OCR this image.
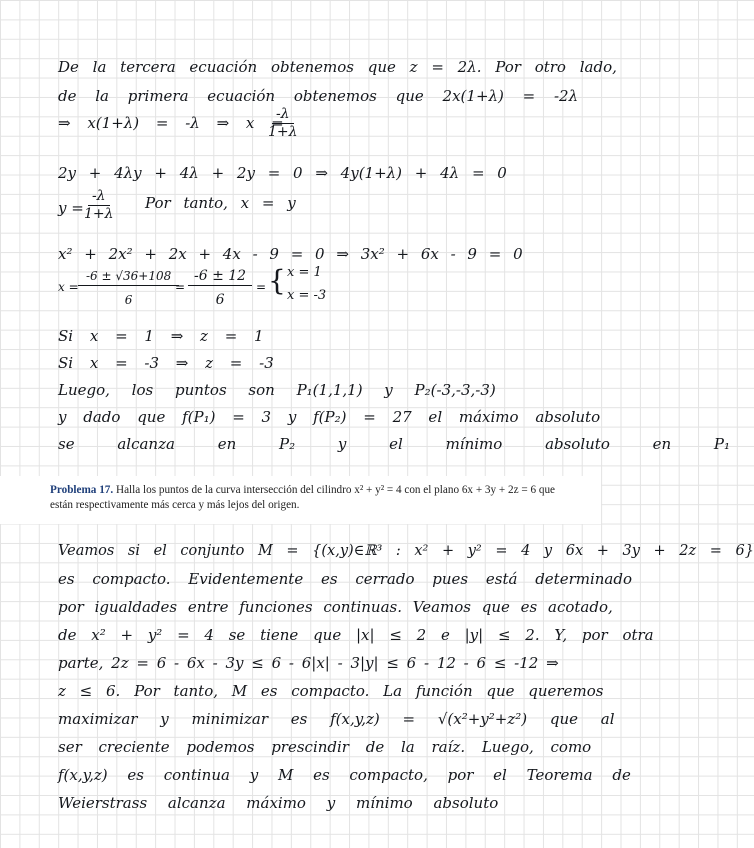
De la tercera ecuación obtenemos que z = 2λ. Por otro lado,
de la primera ecuación obtenemos que 2x(1+λ) = -2λ
⇒ x(1+λ) = -λ ⇒ x =
$\frac{-\lambda}{1+\lambda}$
2y + 4λy + 4λ + 2y = 0 ⇒ 4y(1+λ) + 4λ = 0
$y = \frac{-\lambda}{1+\lambda}$ Por tanto, x = y
x² + 2x² + 2x + 4x - 9 = 0 ⇒ 3x² + 6x - 9 = 0
$x = \frac{-6 \pm √36+108}{6}$
= $\frac{-6 \pm 12}{6}$ = { x = 1
x = -3
Si x = 1 ⇒ z = 1
Si x = -3 ⇒ z = -3
Luego, los puntos son P₁(1,1,1) y P₂(-3,-3,-3)
y dado que f(P₁) = 3 y f(P₂) = 27 el máximo absoluto
se alcanza en P₂ y el mínimo absoluto en P₁
Problema 17. Halla los puntos de la curva intersección del cilindro x² + y² = 4 con el plano 6x + 3y + 2z = 6 que están respectivamente más cerca y más lejos del origen.
Veamos si el conjunto M = {(x,y)∈ℝ³ : x² + y² = 4 y 6x + 3y + 2z = 6}
es compacto. Evidentemente es cerrado pues está determinado
por igualdades entre funciones continuas. Veamos que es acotado,
de x² + y² = 4 se tiene que |x| ≤ 2 e |y| ≤ 2. Y, por otra
parte, 2z = 6 - 6x - 3y ≤ 6 - 6|x| - 3|y| ≤ 6 - 12 - 6 ≤ -12 ⇒
z ≤ 6. Por tanto, M es compacto. La función que queremos
maximizar y minimizar es f(x,y,z) = √(x²+y²+z²) que al
ser creciente podemos prescindir de la raíz. Luego, como
f(x,y,z) es continua y M es compacto, por el Teorema de
Weierstrass alcanza máximo y mínimo absoluto
